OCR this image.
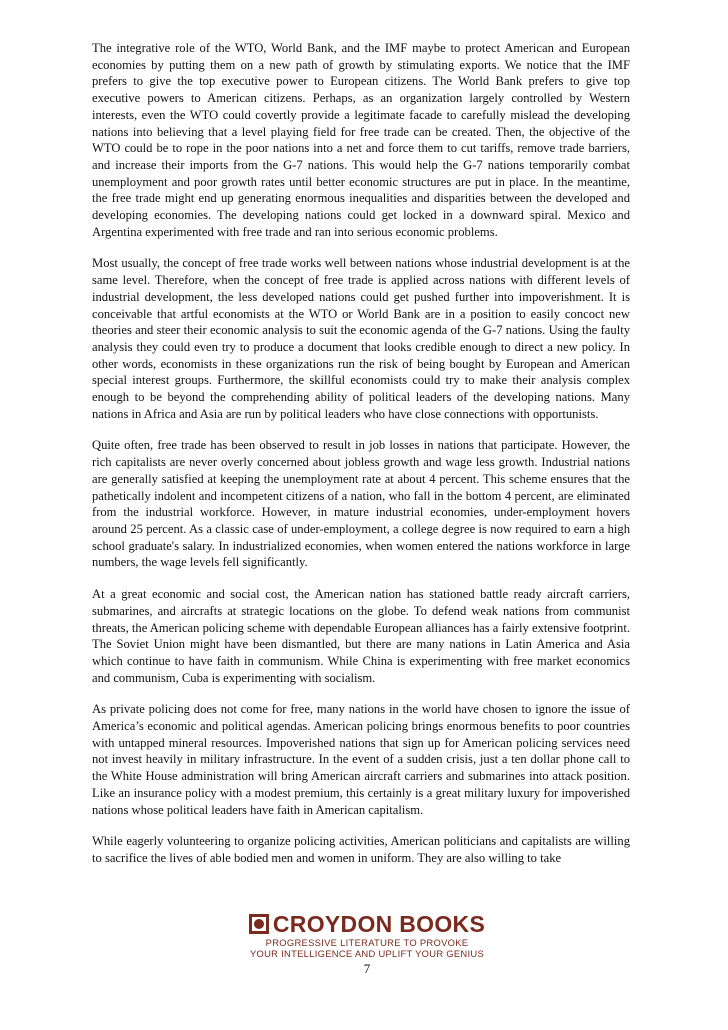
The integrative role of the WTO, World Bank, and the IMF maybe to protect American and European economies by putting them on a new path of growth by stimulating exports. We notice that the IMF prefers to give the top executive power to European citizens. The World Bank prefers to give top executive powers to American citizens. Perhaps, as an organization largely controlled by Western interests, even the WTO could covertly provide a legitimate facade to carefully mislead the developing nations into believing that a level playing field for free trade can be created. Then, the objective of the WTO could be to rope in the poor nations into a net and force them to cut tariffs, remove trade barriers, and increase their imports from the G-7 nations. This would help the G-7 nations temporarily combat unemployment and poor growth rates until better economic structures are put in place. In the meantime, the free trade might end up generating enormous inequalities and disparities between the developed and developing economies. The developing nations could get locked in a downward spiral. Mexico and Argentina experimented with free trade and ran into serious economic problems.

Most usually, the concept of free trade works well between nations whose industrial development is at the same level. Therefore, when the concept of free trade is applied across nations with different levels of industrial development, the less developed nations could get pushed further into impoverishment. It is conceivable that artful economists at the WTO or World Bank are in a position to easily concoct new theories and steer their economic analysis to suit the economic agenda of the G-7 nations. Using the faulty analysis they could even try to produce a document that looks credible enough to direct a new policy. In other words, economists in these organizations run the risk of being bought by European and American special interest groups. Furthermore, the skillful economists could try to make their analysis complex enough to be beyond the comprehending ability of political leaders of the developing nations. Many nations in Africa and Asia are run by political leaders who have close connections with opportunists.

Quite often, free trade has been observed to result in job losses in nations that participate. However, the rich capitalists are never overly concerned about jobless growth and wage less growth. Industrial nations are generally satisfied at keeping the unemployment rate at about 4 percent. This scheme ensures that the pathetically indolent and incompetent citizens of a nation, who fall in the bottom 4 percent, are eliminated from the industrial workforce. However, in mature industrial economies, under-employment hovers around 25 percent. As a classic case of under-employment, a college degree is now required to earn a high school graduate's salary. In industrialized economies, when women entered the nations workforce in large numbers, the wage levels fell significantly.

At a great economic and social cost, the American nation has stationed battle ready aircraft carriers, submarines, and aircrafts at strategic locations on the globe. To defend weak nations from communist threats, the American policing scheme with dependable European alliances has a fairly extensive footprint. The Soviet Union might have been dismantled, but there are many nations in Latin America and Asia which continue to have faith in communism. While China is experimenting with free market economics and communism, Cuba is experimenting with socialism.

As private policing does not come for free, many nations in the world have chosen to ignore the issue of America’s economic and political agendas. American policing brings enormous benefits to poor countries with untapped mineral resources. Impoverished nations that sign up for American policing services need not invest heavily in military infrastructure. In the event of a sudden crisis, just a ten dollar phone call to the White House administration will bring American aircraft carriers and submarines into attack position. Like an insurance policy with a modest premium, this certainly is a great military luxury for impoverished nations whose political leaders have faith in American capitalism.

While eagerly volunteering to organize policing activities, American politicians and capitalists are willing to sacrifice the lives of able bodied men and women in uniform. They are also willing to take

CROYDON BOOKS
PROGRESSIVE LITERATURE TO PROVOKE
YOUR INTELLIGENCE AND UPLIFT YOUR GENIUS
7
